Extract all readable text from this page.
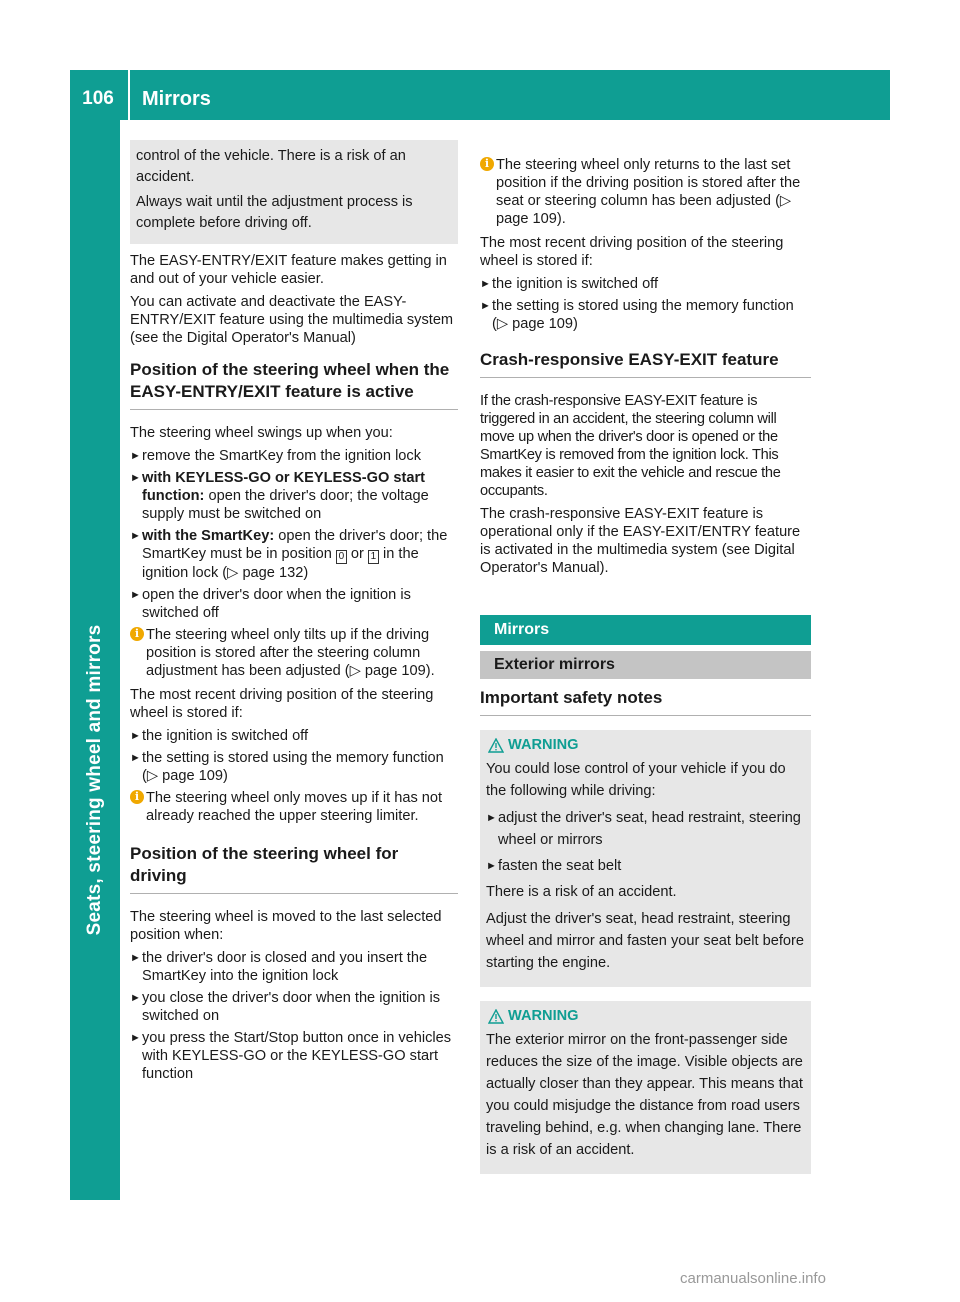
106	Mirrors
Seats, steering wheel and mirrors

control of the vehicle. There is a risk of an accident.

Always wait until the adjustment process is complete before driving off.

The EASY-ENTRY/EXIT feature makes getting in and out of your vehicle easier.

You can activate and deactivate the EASY-ENTRY/EXIT feature using the multimedia system (see the Digital Operator's Manual)

Position of the steering wheel when the EASY-ENTRY/EXIT feature is active

The steering wheel swings up when you:

► remove the SmartKey from the ignition lock
► with KEYLESS-GO or KEYLESS-GO start function: open the driver's door; the voltage supply must be switched on
► with the SmartKey: open the driver's door; the SmartKey must be in position 0 or 1 in the ignition lock (▷ page 132)
► open the driver's door when the ignition is switched off
i The steering wheel only tilts up if the driving position is stored after the steering column adjustment has been adjusted (▷ page 109).

The most recent driving position of the steering wheel is stored if:

► the ignition is switched off
► the setting is stored using the memory function (▷ page 109)
i The steering wheel only moves up if it has not already reached the upper steering limiter.
Position of the steering wheel for driving

The steering wheel is moved to the last selected position when:

► the driver's door is closed and you insert the SmartKey into the ignition lock
► you close the driver's door when the ignition is switched on
► you press the Start/Stop button once in vehicles with KEYLESS-GO or the KEYLESS-GO start function
i The steering wheel only returns to the last set position if the driving position is stored after the seat or steering column has been adjusted (▷ page 109).

The most recent driving position of the steering wheel is stored if:

► the ignition is switched off
► the setting is stored using the memory function (▷ page 109)
Crash-responsive EASY-EXIT feature

If the crash-responsive EASY-EXIT feature is triggered in an accident, the steering column will move up when the driver's door is opened or the SmartKey is removed from the ignition lock. This makes it easier to exit the vehicle and rescue the occupants.

The crash-responsive EASY-EXIT feature is operational only if the EASY-EXIT/ENTRY feature is activated in the multimedia system (see Digital Operator's Manual).

Mirrors
Exterior mirrors
Important safety notes
WARNING

You could lose control of your vehicle if you do the following while driving:

► adjust the driver's seat, head restraint, steering wheel or mirrors
► fasten the seat belt

There is a risk of an accident.

Adjust the driver's seat, head restraint, steering wheel and mirror and fasten your seat belt before starting the engine.

WARNING

The exterior mirror on the front-passenger side reduces the size of the image. Visible objects are actually closer than they appear. This means that you could misjudge the distance from road users traveling behind, e.g. when changing lane. There is a risk of an accident.

carmanualsonline.info
